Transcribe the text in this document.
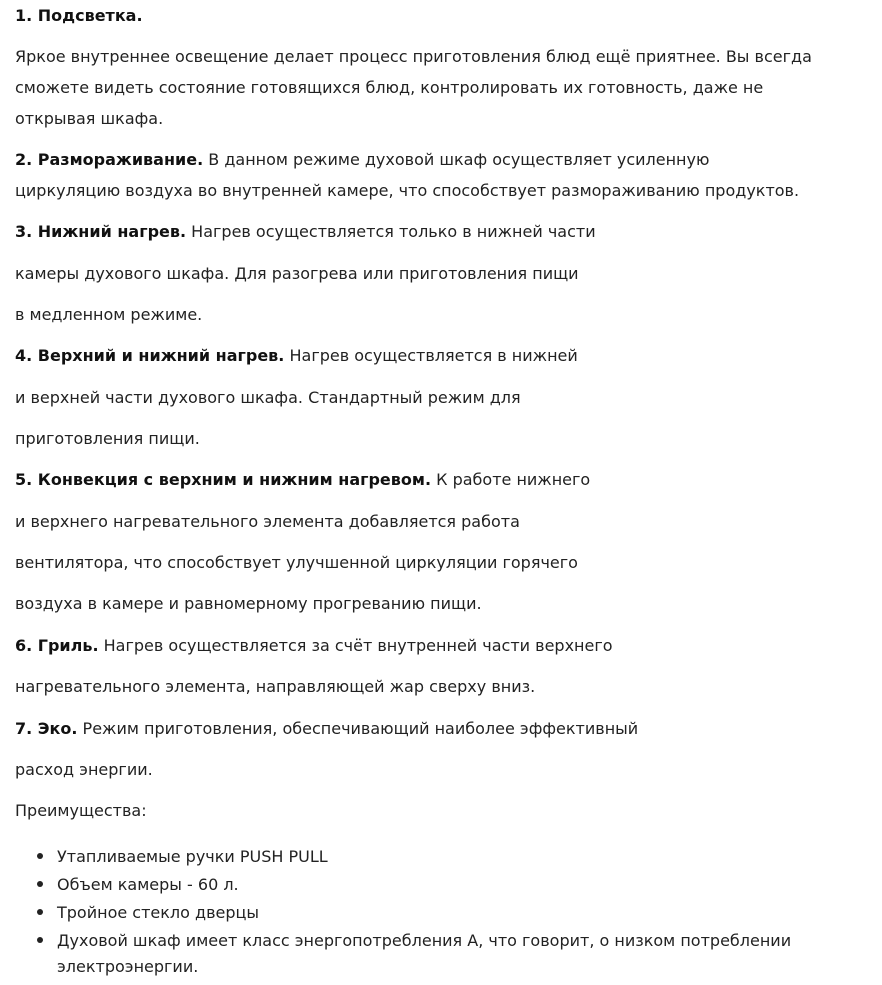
1. Подсветка.
Яркое внутреннее освещение делает процесс приготовления блюд ещё приятнее. Вы всегда
сможете видеть состояние готовящихся блюд, контролировать их готовность, даже не
открывая шкафа.
2. Размораживание. В данном режиме духовой шкаф осуществляет усиленную
циркуляцию воздуха во внутренней камере, что способствует размораживанию продуктов.
3. Нижний нагрев. Нагрев осуществляется только в нижней части
камеры духового шкафа. Для разогрева или приготовления пищи
в медленном режиме.
4. Верхний и нижний нагрев. Нагрев осуществляется в нижней
и верхней части духового шкафа. Стандартный режим для
приготовления пищи.
5. Конвекция с верхним и нижним нагревом. К работе нижнего
и верхнего нагревательного элемента добавляется работа
вентилятора, что способствует улучшенной циркуляции горячего
воздуха в камере и равномерному прогреванию пищи.
6. Гриль. Нагрев осуществляется за счёт внутренней части верхнего
нагревательного элемента, направляющей жар сверху вниз.
7. Эко. Режим приготовления, обеспечивающий наиболее эффективный
расход энергии.
Преимущества:
Утапливаемые ручки PUSH PULL
Объем камеры - 60 л.
Тройное стекло дверцы
Духовой шкаф имеет класс энергопотребления А, что говорит, о низком потреблении
электроэнергии.
